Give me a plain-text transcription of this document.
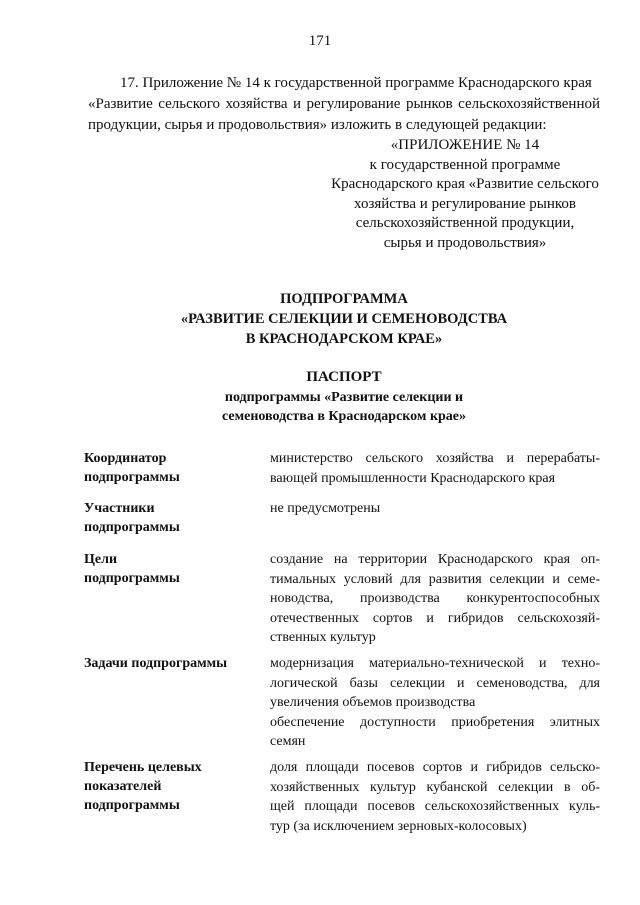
171
17. Приложение № 14 к государственной программе Краснодарского края
«Развитие сельского хозяйства и регулирование рынков сельскохозяйственной
продукции, сырья и продовольствия» изложить в следующей редакции:
«ПРИЛОЖЕНИЕ № 14
к государственной программе
Краснодарского края «Развитие сельского
хозяйства и регулирование рынков
сельскохозяйственной продукции,
сырья и продовольствия»
ПОДПРОГРАММА
«РАЗВИТИЕ СЕЛЕКЦИИ И СЕМЕНОВОДСТВА
В КРАСНОДАРСКОМ КРАЕ»
ПАСПОРТ
подпрограммы «Развитие селекции и
семеноводства в Краснодарском крае»
Координатор
подпрограммы
министерство сельского хозяйства и перерабаты-
вающей промышленности Краснодарского края
Участники
подпрограммы
не предусмотрены
Цели
подпрограммы
создание на территории Краснодарского края оп-
тимальных условий для развития селекции и семе-
новодства, производства конкурентоспособных
отечественных сортов и гибридов сельскохозяй-
ственных культур
Задачи подпрограммы	модернизация материально-технической и техно-
логической базы селекции и семеноводства, для
увеличения объемов производства
обеспечение доступности приобретения элитных
семян
Перечень целевых
показателей
подпрограммы
доля площади посевов сортов и гибридов сельско-
хозяйственных культур кубанской селекции в об-
щей площади посевов сельскохозяйственных куль-
тур (за исключением зерновых-колосовых)
